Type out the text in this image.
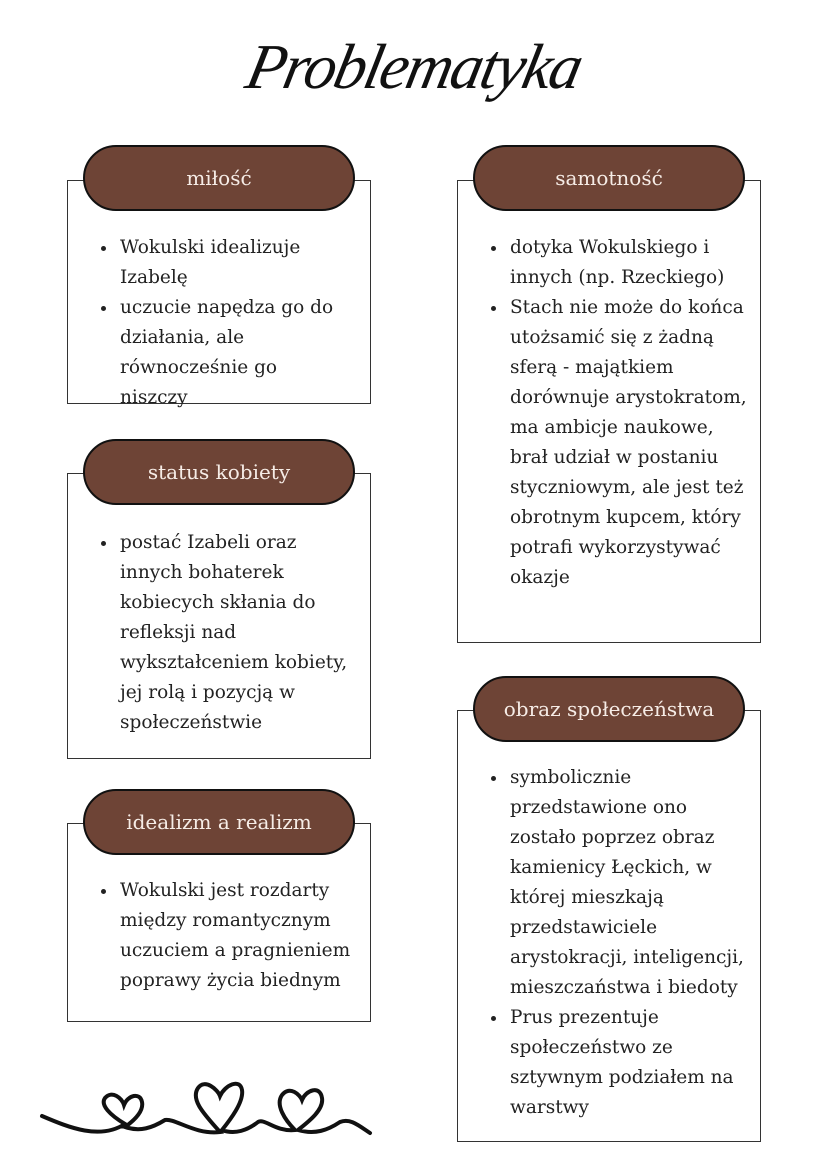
Problematyka
• Wokulski idealizuje Izabelę
• uczucie napędza go do działania, ale równocześnie go niszczy
miłość
• postać Izabeli oraz innych bohaterek kobiecych skłania do refleksji nad wykształceniem kobiety, jej rolą i pozycją w społeczeństwie
status kobiety
• Wokulski jest rozdarty między romantycznym uczuciem a pragnieniem poprawy życia biednym
idealizm a realizm
• dotyka Wokulskiego i innych (np. Rzeckiego)
• Stach nie może do końca utożsamić się z żadną sferą - majątkiem dorównuje arystokratom, ma ambicje naukowe, brał udział w postaniu styczniowym, ale jest też obrotnym kupcem, który potrafi wykorzystywać okazje
samotność
• symbolicznie przedstawione ono zostało poprzez obraz kamienicy Łęckich, w której mieszkają przedstawiciele arystokracji, inteligencji, mieszczaństwa i biedoty
• Prus prezentuje społeczeństwo ze sztywnym podziałem na warstwy
obraz społeczeństwa
